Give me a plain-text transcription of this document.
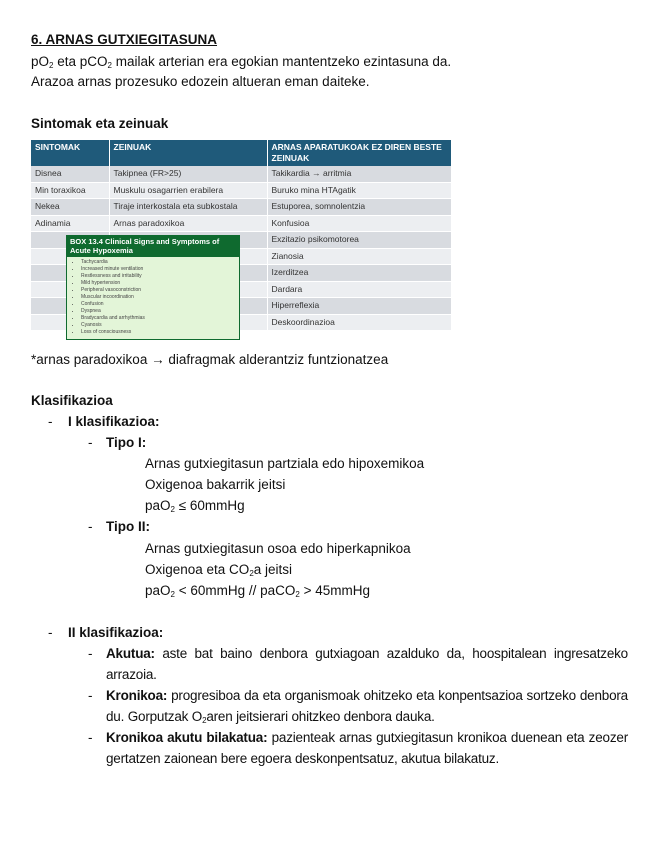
6. ARNAS GUTXIEGITASUNA
$pO_2$ eta pCO$_2$ mailak arterian era egokian mantentzeko ezintasuna da.
Arazoa arnas prozesuko edozein altueran eman daiteke.
Sintomak eta zeinuak
SINTOMAK	ZEINUAK	ARNAS APARATUKOAK EZ DIREN BESTE ZEINUAK
Disnea	Takipnea (FR>25)	Takikardia → arritmia
Min toraxikoa	Muskulu osagarrien erabilera	Buruko mina HTAgatik
Nekea	Tiraje interkostala eta subkostala	Estuporea, somnolentzia
Adinamia	Arnas paradoxikoa	Konfusioa
		Exzitazio psikomotorea
		Zianosia
		Izerditzea
		Dardara
		Hiperreflexia
		Deskoordinazioa
BOX 13.4 Clinical Signs and Symptoms of Acute Hypoxemia
• Tachycardia
• Increased minute ventilation
• Restlessness and irritability
• Mild hypertension
• Peripheral vasoconstriction
• Muscular incoordination
• Confusion
• Dyspnea
• Bradycardia and arrhythmias
• Cyanosis
• Loss of consciousness
*arnas paradoxikoa → diafragmak alderantziz funtzionatzea
Klasifikazioa
- I klasifikazioa:
- Tipo I:
Arnas gutxiegitasun partziala edo hipoxemikoa
Oxigenoa bakarrik jeitsi
paO$_2$ ≤ 60mmHg
- Tipo II:
Arnas gutxiegitasun osoa edo hiperkapnikoa
Oxigenoa eta $CO_2a$ jeitsi
paO$_2$ < 60mmHg // paCO$_2$ > 45mmHg
- II klasifikazioa:
- Akutua: aste bat baino denbora gutxiagoan azalduko da, hoospitalean ingresatzeko arrazoia.
- Kronikoa: progresiboa da eta organismoak ohitzeko eta konpentsazioa sortzeko denbora du. Gorputzak $O_2aren$ jeitsierari ohitzkeo denbora dauka.
- Kronikoa akutu bilakatua: pazienteak arnas gutxiegitasun kronikoa duenean eta zeozer gertatzen zaionean bere egoera deskonpentsatuz, akutua bilakatuz.
